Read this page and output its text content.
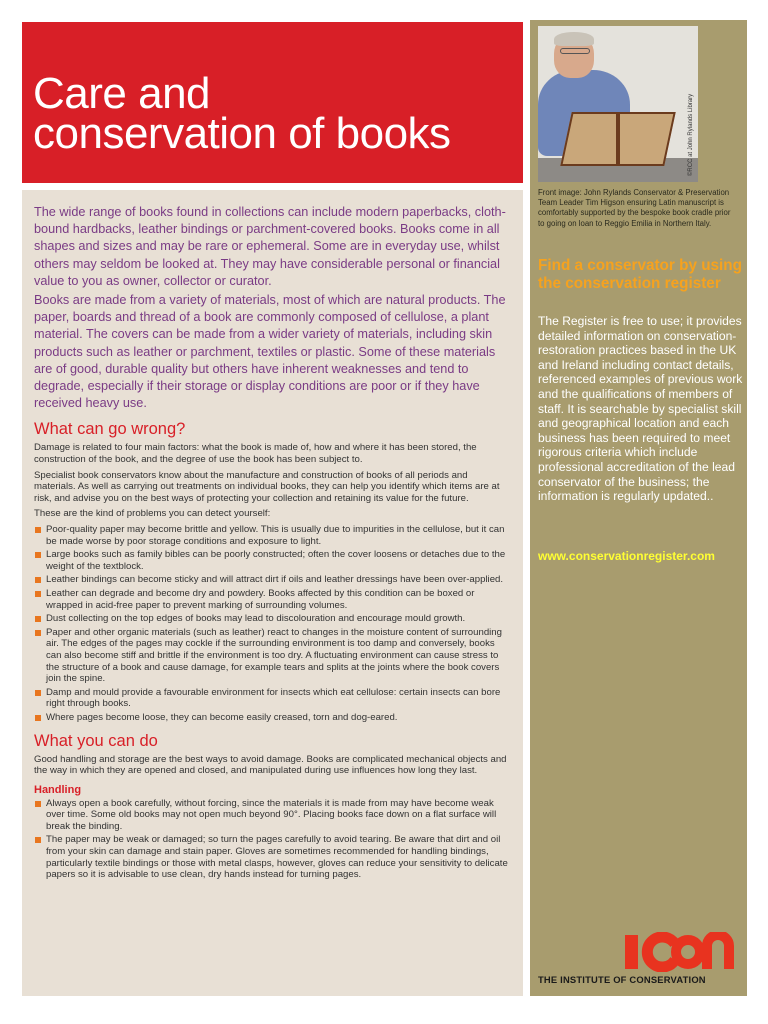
Care and
conservation of books

The wide range of books found in collections can include modern paperbacks, cloth-bound hardbacks, leather bindings or parchment-covered books. Books come in all shapes and sizes and may be rare or ephemeral. Some are in everyday use, whilst others may seldom be looked at. They may have considerable personal or financial value to you as owner, collector or curator.

Books are made from a variety of materials, most of which are natural products. The paper, boards and thread of a book are commonly composed of cellulose, a plant material. The covers can be made from a wider variety of materials, including skin products such as leather or parchment, textiles or plastic. Some of these materials are of good, durable quality but others have inherent weaknesses and tend to degrade, especially if their storage or display conditions are poor or if they have received heavy use.

What can go wrong?

Damage is related to four main factors: what the book is made of, how and where it has been stored, the construction of the book, and the degree of use the book has been subject to.

Specialist book conservators know about the manufacture and construction of books of all periods and materials. As well as carrying out treatments on individual books, they can help you identify which items are at risk, and advise you on the best ways of protecting your collection and retaining its value for the future.

These are the kind of problems you can detect yourself:

Poor-quality paper may become brittle and yellow. This is usually due to impurities in the cellulose, but it can be made worse by poor storage conditions and exposure to light.
Large books such as family bibles can be poorly constructed; often the cover loosens or detaches due to the weight of the textblock.
Leather bindings can become sticky and will attract dirt if oils and leather dressings have been over-applied.
Leather can degrade and become dry and powdery. Books affected by this condition can be boxed or wrapped in acid-free paper to prevent marking of surrounding volumes.
Dust collecting on the top edges of books may lead to discolouration and encourage mould growth.
Paper and other organic materials (such as leather) react to changes in the moisture content of surrounding air. The edges of the pages may cockle if the surrounding environment is too damp and conversely, books can also become stiff and brittle if the environment is too dry. A fluctuating environment can cause stress to the structure of a book and cause damage, for example tears and splits at the joints where the book covers join the spine.
Damp and mould provide a favourable environment for insects which eat cellulose: certain insects can bore right through books.
Where pages become loose, they can become easily creased, torn and dog-eared.
What you can do

Good handling and storage are the best ways to avoid damage. Books are complicated mechanical objects and the way in which they are opened and closed, and manipulated during use influences how long they last.

Handling
Always open a book carefully, without forcing, since the materials it is made from may have become weak over time. Some old books may not open much beyond 90°. Placing books face down on a flat surface will break the binding.
The paper may be weak or damaged; so turn the pages carefully to avoid tearing. Be aware that dirt and oil from your skin can damage and stain paper. Gloves are sometimes recommended for handling bindings, particularly textile bindings or those with metal clasps, however, gloves can reduce your sensitivity to delicate papers so it is advisable to use clean, dry hands instead for turning pages.
©RCC at John Rylands Library

Front image: John Rylands Conservator & Preservation Team Leader Tim Higson ensuring Latin manuscript is comfortably supported by the bespoke book cradle prior to going on loan to Reggio Emilia in Northern Italy.

Find a conservator by using the conservation register

The Register is free to use; it provides detailed information on conservation-restoration practices based in the UK and Ireland including contact details, referenced examples of previous work and the qualifications of members of staff. It is searchable by specialist skill and geographical location and each business has been required to meet rigorous criteria which include professional accreditation of the lead conservator of the business; the information is regularly updated..

www.conservationregister.com
THE INSTITUTE OF CONSERVATION
